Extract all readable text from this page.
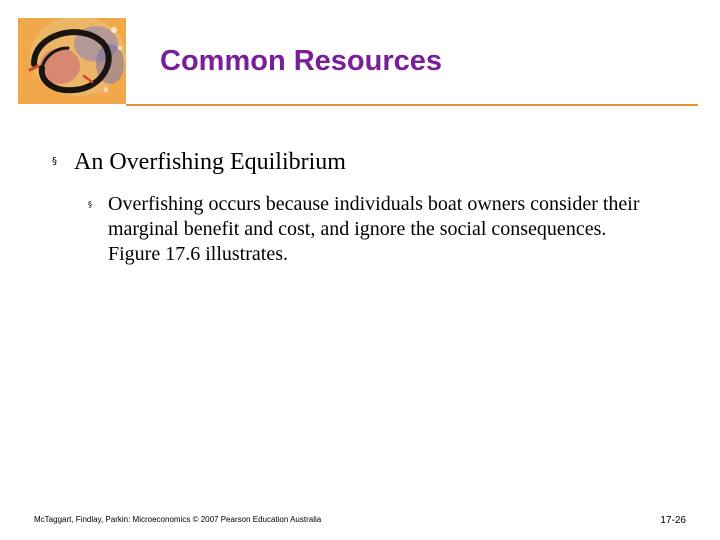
Common Resources
§ An Overfishing Equilibrium
§ Overfishing occurs because individuals boat owners consider their marginal benefit and cost, and ignore the social consequences. Figure 17.6 illustrates.
McTaggart, Findlay, Parkin: Microeconomics © 2007 Pearson Education Australia	17-26
